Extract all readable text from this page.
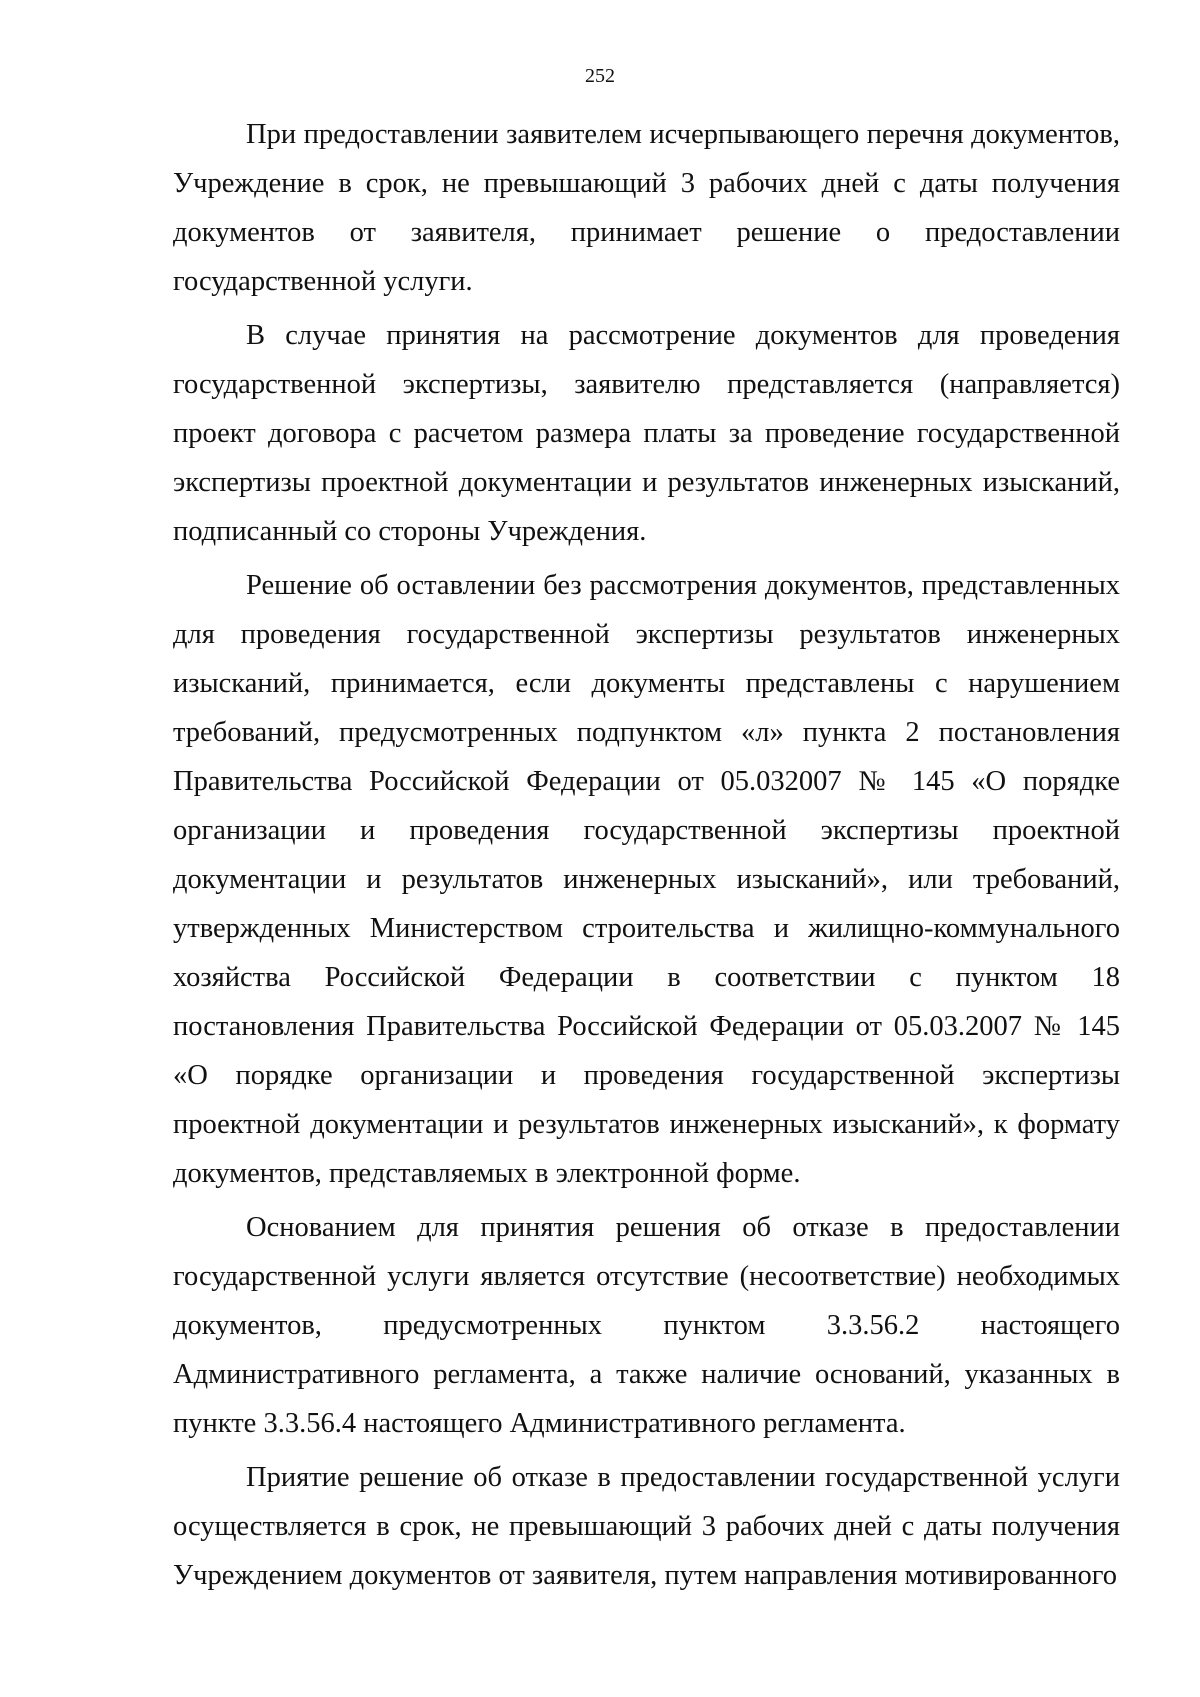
252

При предоставлении заявителем исчерпывающего перечня документов, Учреждение в срок, не превышающий 3 рабочих дней с даты получения документов от заявителя, принимает решение о предоставлении государственной услуги.

В случае принятия на рассмотрение документов для проведения государственной экспертизы, заявителю представляется (направляется) проект договора с расчетом размера платы за проведение государственной экспертизы проектной документации и результатов инженерных изысканий, подписанный со стороны Учреждения.

Решение об оставлении без рассмотрения документов, представленных для проведения государственной экспертизы результатов инженерных изысканий, принимается, если документы представлены с нарушением требований, предусмотренных подпунктом «л» пункта 2 постановления Правительства Российской Федерации от 05.032007 № 145 «О порядке организации и проведения государственной экспертизы проектной документации и результатов инженерных изысканий», или требований, утвержденных Министерством строительства и жилищно-коммунального хозяйства Российской Федерации в соответствии с пунктом 18 постановления Правительства Российской Федерации от 05.03.2007 № 145 «О порядке организации и проведения государственной экспертизы проектной документации и результатов инженерных изысканий», к формату документов, представляемых в электронной форме.

Основанием для принятия решения об отказе в предоставлении государственной услуги является отсутствие (несоответствие) необходимых документов, предусмотренных пунктом 3.3.56.2 настоящего Административного регламента, а также наличие оснований, указанных в пункте 3.3.56.4 настоящего Административного регламента.

Приятие решение об отказе в предоставлении государственной услуги осуществляется в срок, не превышающий 3 рабочих дней с даты получения Учреждением документов от заявителя, путем направления мотивированного
